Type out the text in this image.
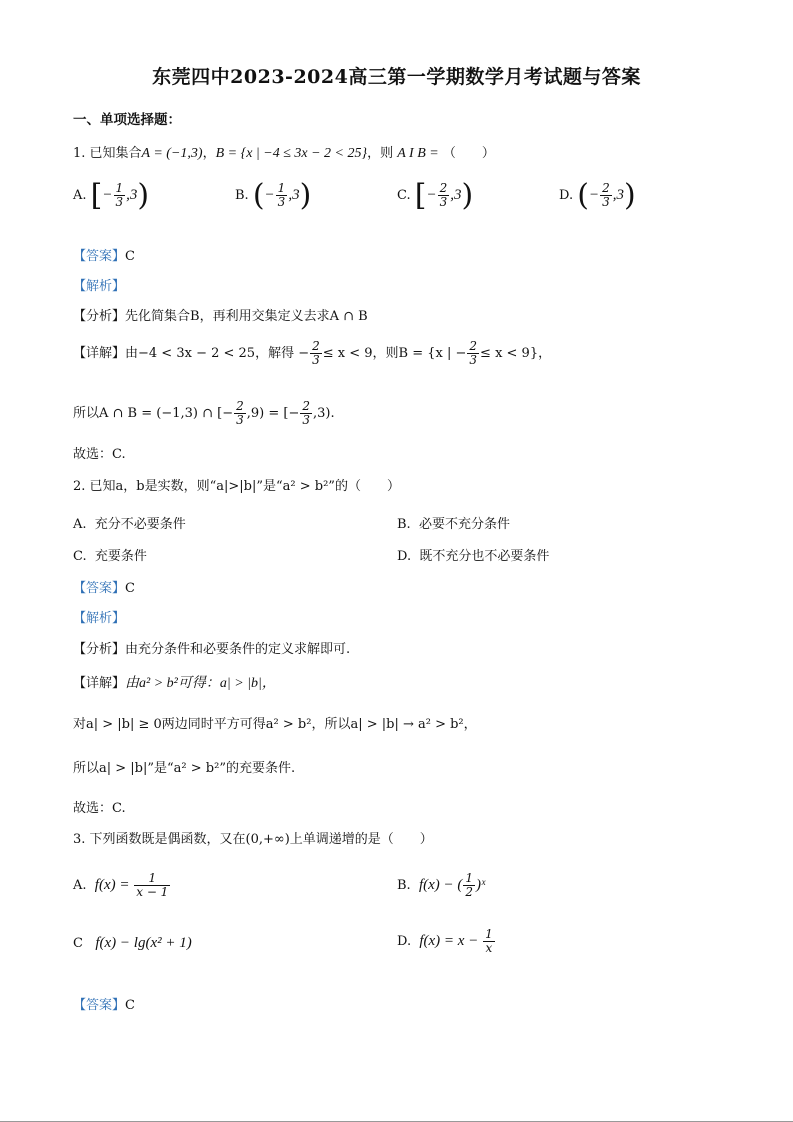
东莞四中2023-2024高三第一学期数学月考试题与答案
一、单项选择题：
1. 已知集合A = (−1,3)，B = {x | −4 ≤ 3x − 2 < 25}，则 A I B = （　　）
A. [− $\frac{1}{3} ,3$)	B. (− $\frac{1}{3} ,3$)	C. [− $\frac{2}{3} ,3$)	D. (− $\frac{2}{3} ,3$)
【答案】C
【解析】
【分析】先化简集合B，再利用交集定义去求A ∩ B
【详解】由−4 < 3x − 2 < 25，解得 − $\frac{2}{3} \le x < 9$，则B = {x | − $\frac{2}{3} \le x < 9$}，
所以A ∩ B = (−1,3) ∩ [− $\frac{2}{3} ,9$) = [− $\frac{2}{3} ,3$).
故选：C.
2. 已知a，b是实数，则“a|>|b|”是“a² > b²”的（　　）
A. 充分不必要条件	B. 必要不充分条件
C. 充要条件	D. 既不充分也不必要条件
【答案】C
【解析】
【分析】由充分条件和必要条件的定义求解即可.
【详解】由a² > b²可得：a| > |b|，
对a| > |b| ≥ 0两边同时平方可得a² > b²，所以a| > |b| → a² > b²，
所以a| > |b|”是“a² > b²”的充要条件.
故选：C.
3. 下列函数既是偶函数，又在(0,+∞)上单调递增的是（　　）
A. $f(x) = \frac{1}{x - 1}$	B. f(x) − ( $\frac{1}{2}$ )ˣ
C f(x) − lg(x² + 1)	D. $f(x) = x - \frac{1}{x}$
【答案】C
